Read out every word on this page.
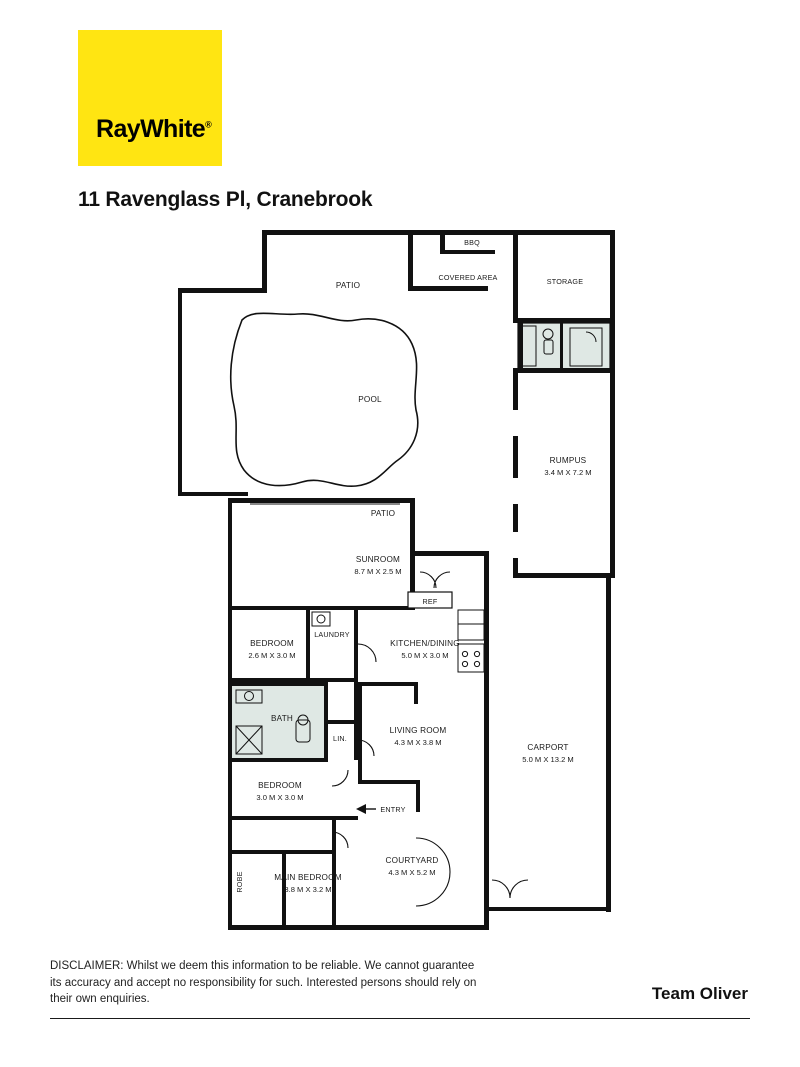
RayWhite®
11 Ravenglass Pl, Cranebrook
PATIO
BBQ
COVERED AREA	STORAGE
POOL
RUMPUS
3.4 M X 7.2 M
PATIO
SUNROOM
8.7 M X 2.5 M
REF
BEDROOM
2.6 M X 3.0 M
LAUNDRY
KITCHEN/DINING
5.0 M X 3.0 M
BATH
LIN.
LIVING ROOM
4.3 M X 3.8 M
CARPORT
5.0 M X 13.2 M
BEDROOM
3.0 M X 3.0 M
ENTRY
COURTYARD
4.3 M X 5.2 M
MAIN BEDROOM
3.8 M X 3.2 M
ROBE
DISCLAIMER: Whilst we deem this information to be reliable. We cannot guarantee its accuracy and accept no responsibility for such. Interested persons should rely on their own enquiries.	Team Oliver
